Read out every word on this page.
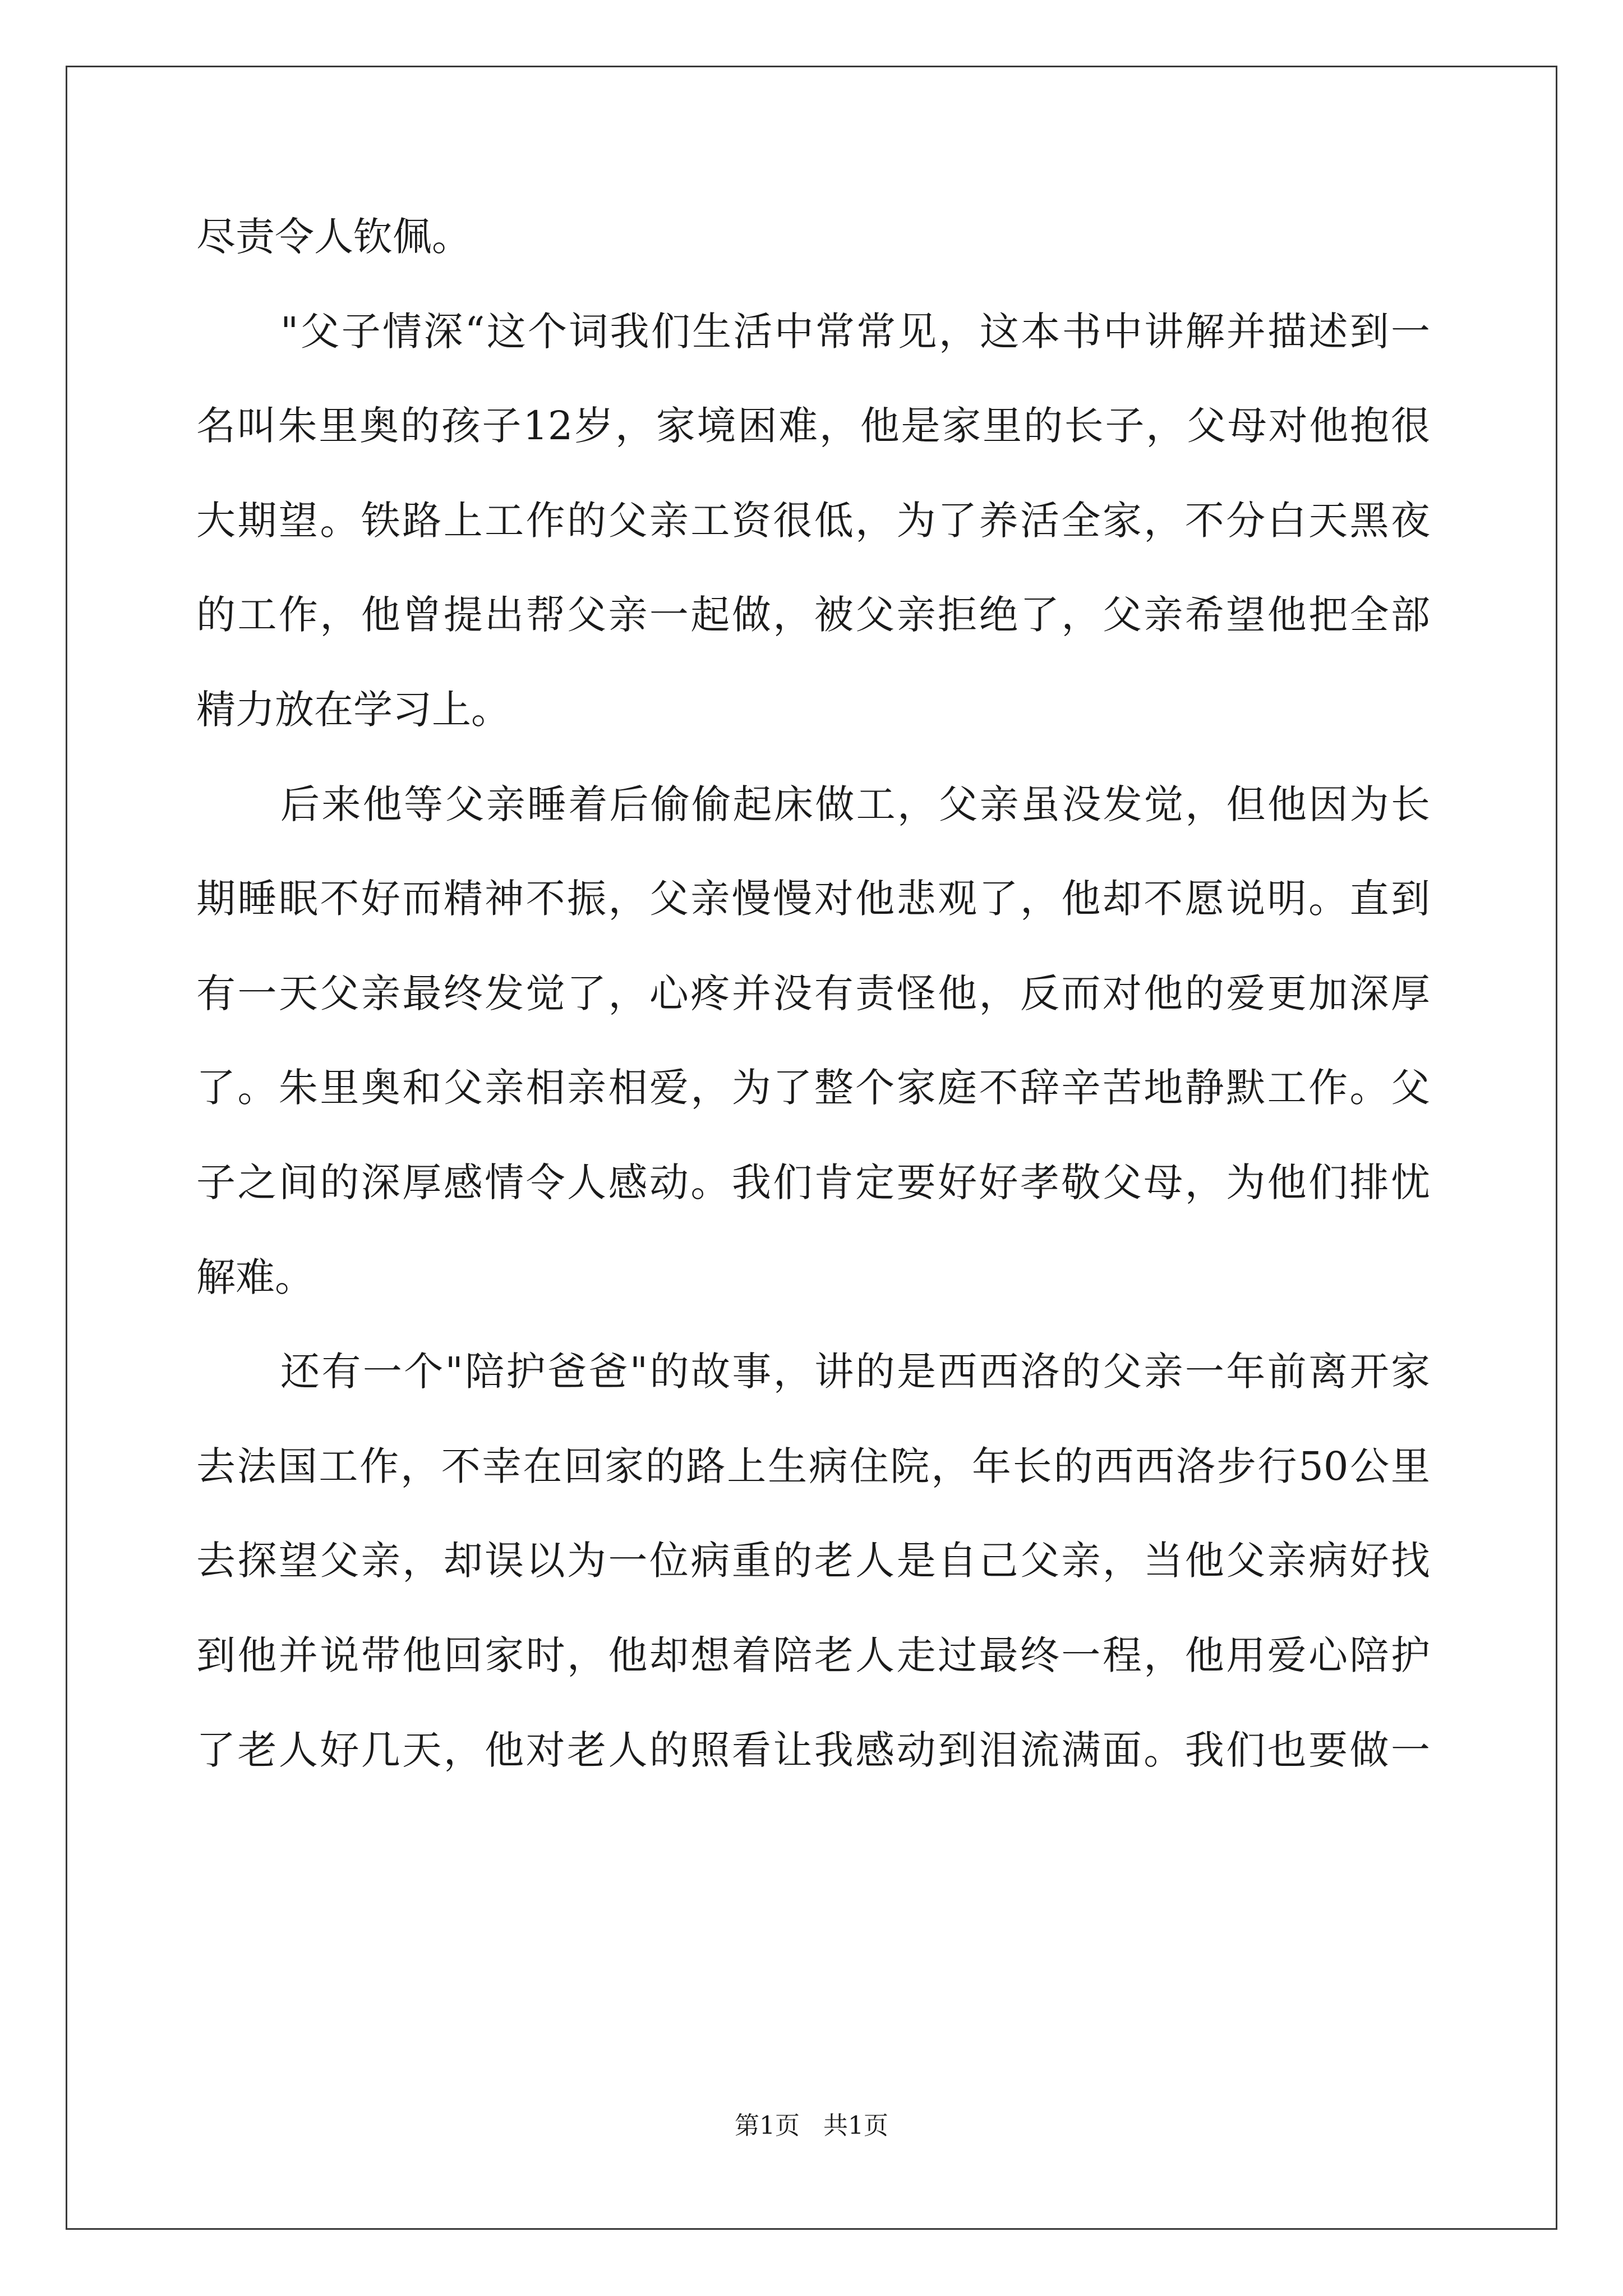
尽责令人钦佩。
"父子情深“这个词我们生活中常常见，这本书中讲解并描述到一
名叫朱里奥的孩子12岁，家境困难，他是家里的长子，父母对他抱很
大期望。铁路上工作的父亲工资很低，为了养活全家，不分白天黑夜
的工作，他曾提出帮父亲一起做，被父亲拒绝了，父亲希望他把全部
精力放在学习上。
后来他等父亲睡着后偷偷起床做工，父亲虽没发觉，但他因为长
期睡眠不好而精神不振，父亲慢慢对他悲观了，他却不愿说明。直到
有一天父亲最终发觉了，心疼并没有责怪他，反而对他的爱更加深厚
了。朱里奥和父亲相亲相爱，为了整个家庭不辞辛苦地静默工作。父
子之间的深厚感情令人感动。我们肯定要好好孝敬父母，为他们排忧
解难。
还有一个"陪护爸爸"的故事，讲的是西西洛的父亲一年前离开家
去法国工作，不幸在回家的路上生病住院，年长的西西洛步行50公里
去探望父亲，却误以为一位病重的老人是自己父亲，当他父亲病好找
到他并说带他回家时，他却想着陪老人走过最终一程，他用爱心陪护
了老人好几天，他对老人的照看让我感动到泪流满面。我们也要做一
第1页   共1页
